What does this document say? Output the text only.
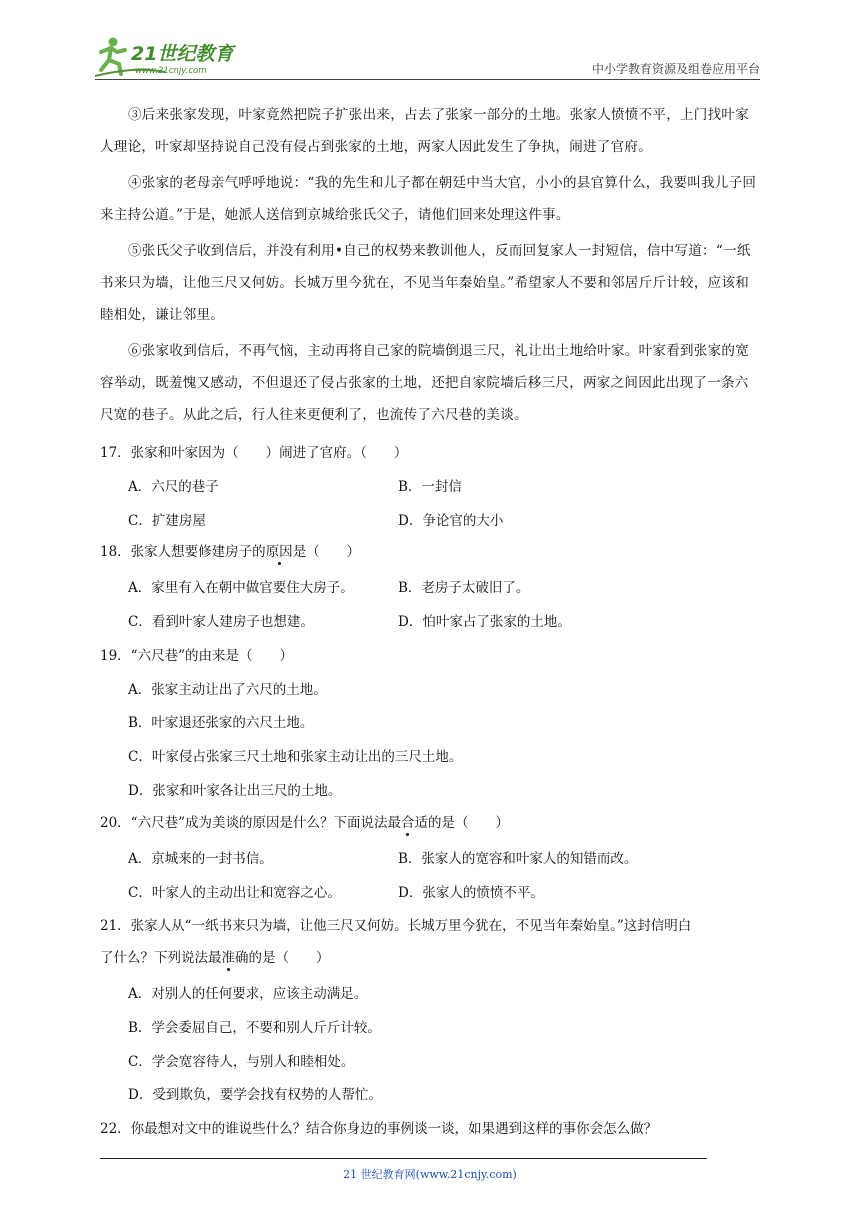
21世纪教育
www.21cnjy.com	中小学教育资源及组卷应用平台
③后来张家发现，叶家竟然把院子扩张出来，占去了张家一部分的土地。张家人愤愤不平，上门找叶家人理论，叶家却坚持说自己没有侵占到张家的土地，两家人因此发生了争执，闹进了官府。
④张家的老母亲气呼呼地说：“我的先生和儿子都在朝廷中当大官，小小的县官算什么，我要叫我儿子回来主持公道。”于是，她派人送信到京城给张氏父子，请他们回来处理这件事。
⑤张氏父子收到信后，并没有利用•自己的权势来教训他人，反而回复家人一封短信，信中写道：“一纸书来只为墙，让他三尺又何妨。长城万里今犹在，不见当年秦始皇。”希望家人不要和邻居斤斤计较，应该和睦相处，谦让邻里。
⑥张家收到信后，不再气恼，主动再将自己家的院墙倒退三尺，礼让出土地给叶家。叶家看到张家的宽容举动，既羞愧又感动，不但退还了侵占张家的土地，还把自家院墙后移三尺，两家之间因此出现了一条六尺宽的巷子。从此之后，行人往来更便利了，也流传了六尺巷的美谈。
17．张家和叶家因为（　　）闹进了官府。（　　）
A．六尺的巷子	B．一封信
C．扩建房屋	D．争论官的大小
18．张家人想要修建房子的原因是（　　）
A．家里有入在朝中做官要住大房子。	B．老房子太破旧了。
C．看到叶家人建房子也想建。	D．怕叶家占了张家的土地。
19．“六尺巷”的由来是（　　）
A．张家主动让出了六尺的土地。
B．叶家退还张家的六尺土地。
C．叶家侵占张家三尺土地和张家主动让出的三尺土地。
D．张家和叶家各让出三尺的土地。
20．“六尺巷”成为美谈的原因是什么？下面说法最合适的是（　　）
A．京城来的一封书信。	B．张家人的宽容和叶家人的知错而改。
C．叶家人的主动出让和宽容之心。	D．张家人的愤愤不平。
21．张家人从“一纸书来只为墙，让他三尺又何妨。长城万里今犹在，不见当年秦始皇。”这封信明白
了什么？下列说法最准确的是（　　）
A．对别人的任何要求，应该主动满足。
B．学会委屈自己，不要和别人斤斤计较。
C．学会宽容待人，与别人和睦相处。
D．受到欺负，要学会找有权势的人帮忙。
22．你最想对文中的谁说些什么？结合你身边的事例谈一谈，如果遇到这样的事你会怎么做？
21 世纪教育网(www.21cnjy.com)
